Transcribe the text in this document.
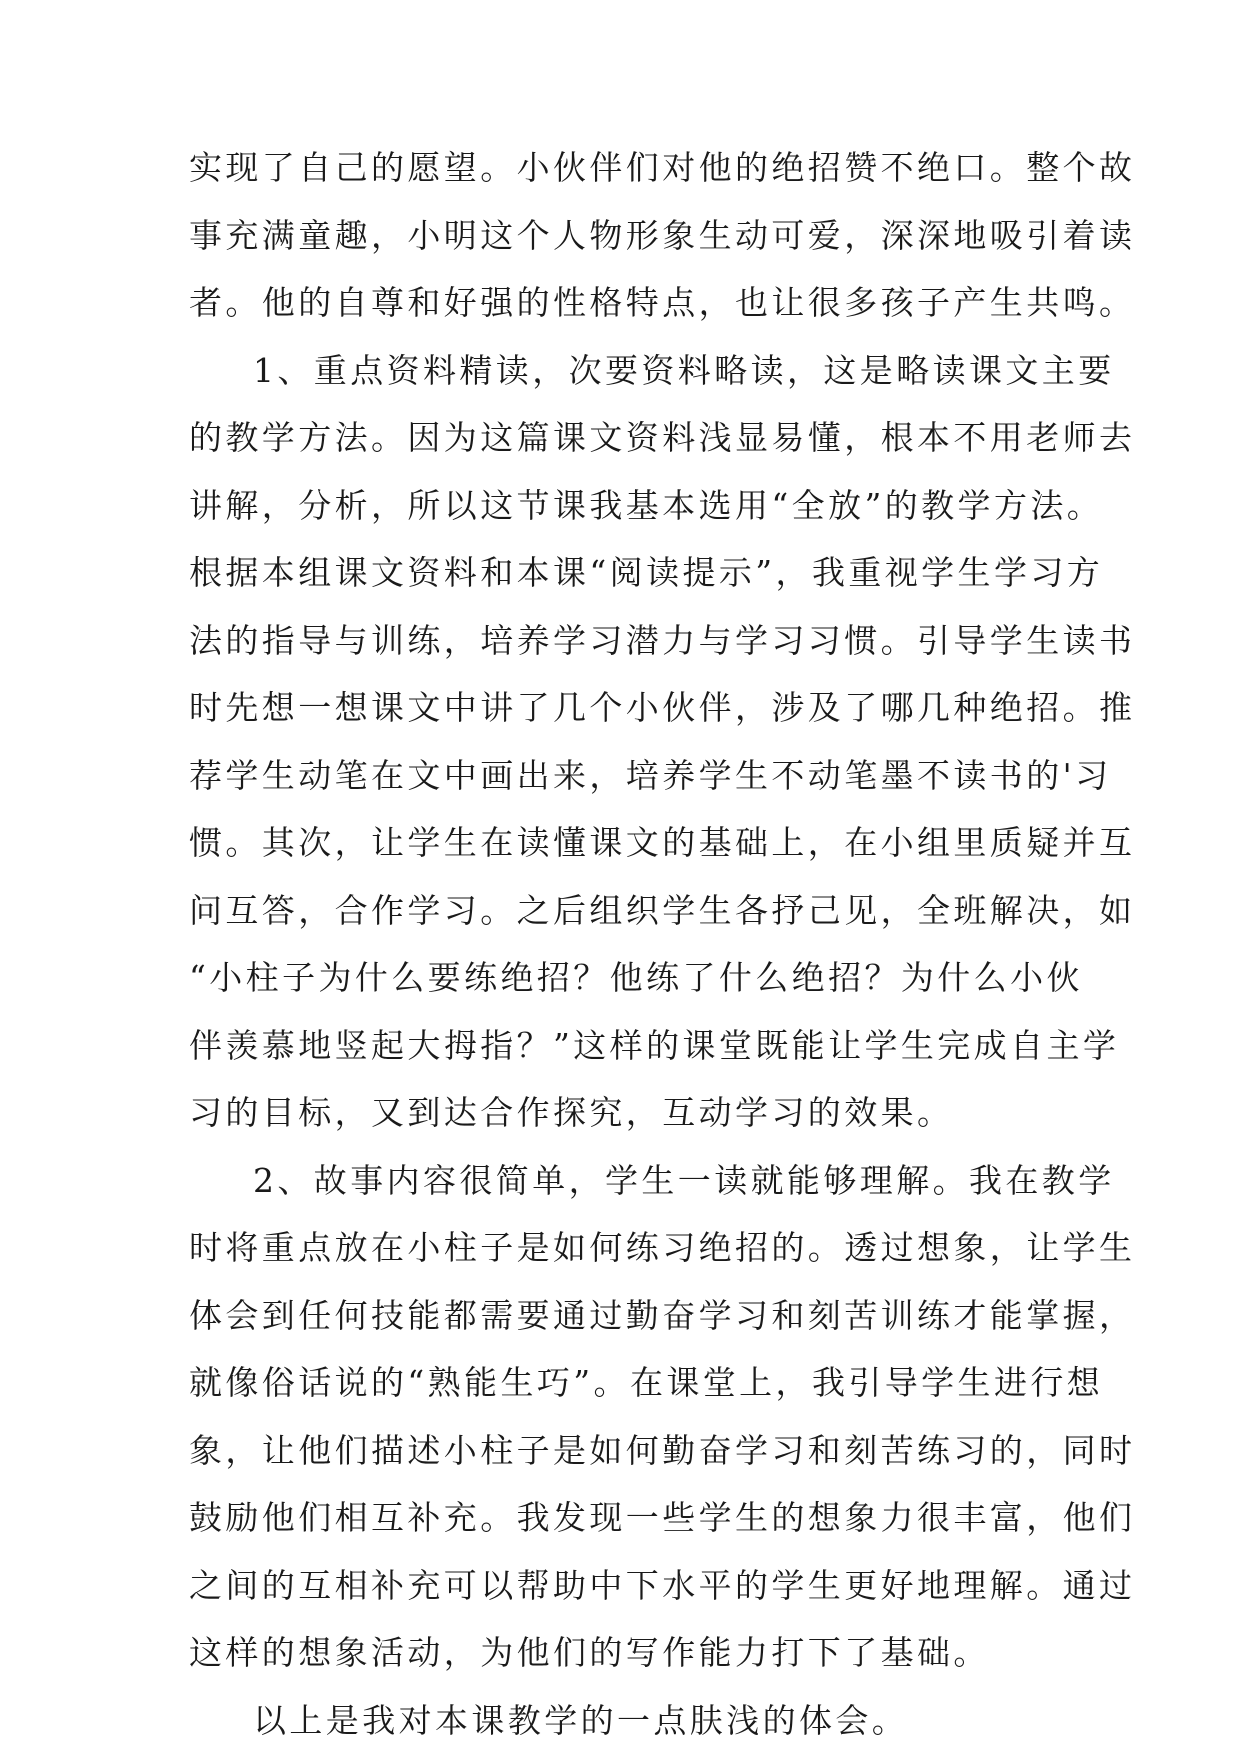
实现了自己的愿望。小伙伴们对他的绝招赞不绝口。整个故
事充满童趣，小明这个人物形象生动可爱，深深地吸引着读
者。他的自尊和好强的性格特点，也让很多孩子产生共鸣。
1、重点资料精读，次要资料略读，这是略读课文主要
的教学方法。因为这篇课文资料浅显易懂，根本不用老师去
讲解，分析，所以这节课我基本选用“全放”的教学方法。
根据本组课文资料和本课“阅读提示”，我重视学生学习方
法的指导与训练，培养学习潜力与学习习惯。引导学生读书
时先想一想课文中讲了几个小伙伴，涉及了哪几种绝招。推
荐学生动笔在文中画出来，培养学生不动笔墨不读书的'习
惯。其次，让学生在读懂课文的基础上，在小组里质疑并互
问互答，合作学习。之后组织学生各抒己见，全班解决，如
“小柱子为什么要练绝招？他练了什么绝招？为什么小伙
伴羡慕地竖起大拇指？”这样的课堂既能让学生完成自主学
习的目标，又到达合作探究，互动学习的效果。
2、故事内容很简单，学生一读就能够理解。我在教学
时将重点放在小柱子是如何练习绝招的。透过想象，让学生
体会到任何技能都需要通过勤奋学习和刻苦训练才能掌握，
就像俗话说的“熟能生巧”。在课堂上，我引导学生进行想
象，让他们描述小柱子是如何勤奋学习和刻苦练习的，同时
鼓励他们相互补充。我发现一些学生的想象力很丰富，他们
之间的互相补充可以帮助中下水平的学生更好地理解。通过
这样的想象活动，为他们的写作能力打下了基础。
以上是我对本课教学的一点肤浅的体会。
